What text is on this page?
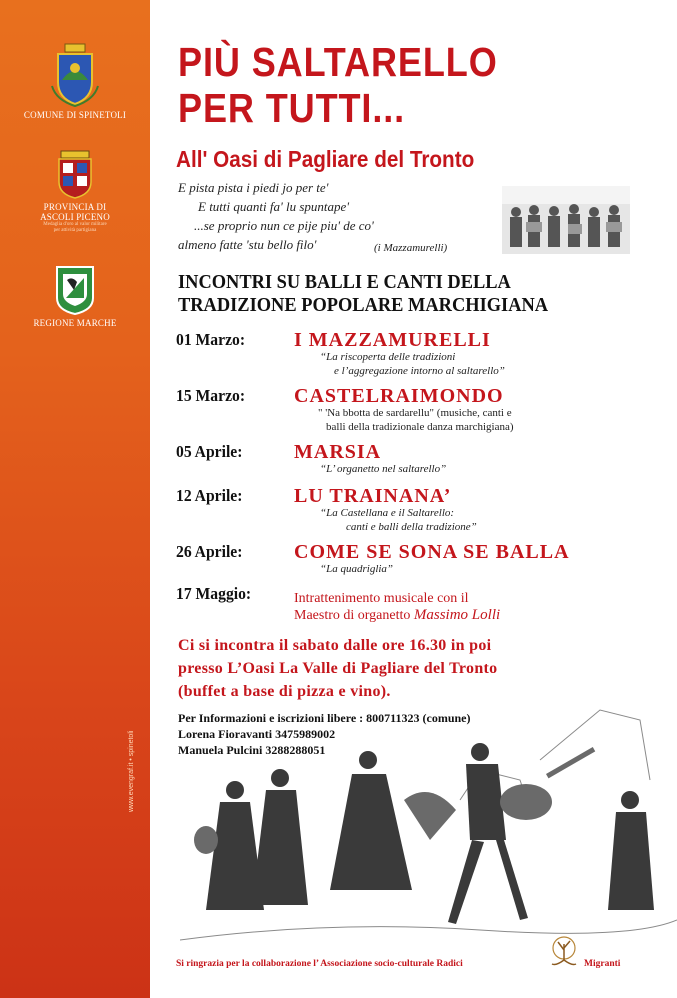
COMUNE DI SPINETOLI
PROVINCIA DI
ASCOLI PICENO
Medaglia d'oro al valor militare per attività partigiana
REGIONE MARCHE
www.evengraf.it • spinetoli
PIÙ SALTARELLO
PER TUTTI...
All' Oasi di Pagliare del Tronto
E pista pista i piedi jo per te'
E tutti quanti fa' lu spuntape'
...se proprio nun ce pije piu' de co'
almeno fatte 'stu bello filo'	(i Mazzamurelli)
INCONTRI SU BALLI E CANTI DELLA
TRADIZIONE POPOLARE MARCHIGIANA
01 Marzo: I MAZZAMURELLI
“La riscoperta delle tradizioni
e l’aggregazione intorno al saltarello”
15 Marzo: CASTELRAIMONDO
" 'Na bbotta de sardarellu" (musiche, canti e
balli della tradizionale danza marchigiana)
05 Aprile:	MARSIA
“L’ organetto nel saltarello”
12 Aprile:	LU TRAINANA’
“La Castellana e il Saltarello:
canti e balli della tradizione”
26 Aprile:	COME SE SONA SE BALLA
“La quadriglia”
17 Maggio:	Intrattenimento musicale con il
Maestro di organetto Massimo Lolli
Ci si incontra il sabato dalle ore 16.30 in poi
presso L’Oasi La Valle di Pagliare del Tronto
(buffet a base di pizza e vino).
Per Informazioni e iscrizioni libere : 800711323 (comune)
Lorena Fioravanti 3475989002
Manuela Pulcini 3288288051
Si ringrazia per la collaborazione l’ Associazione socio-culturale Radici	Migranti
